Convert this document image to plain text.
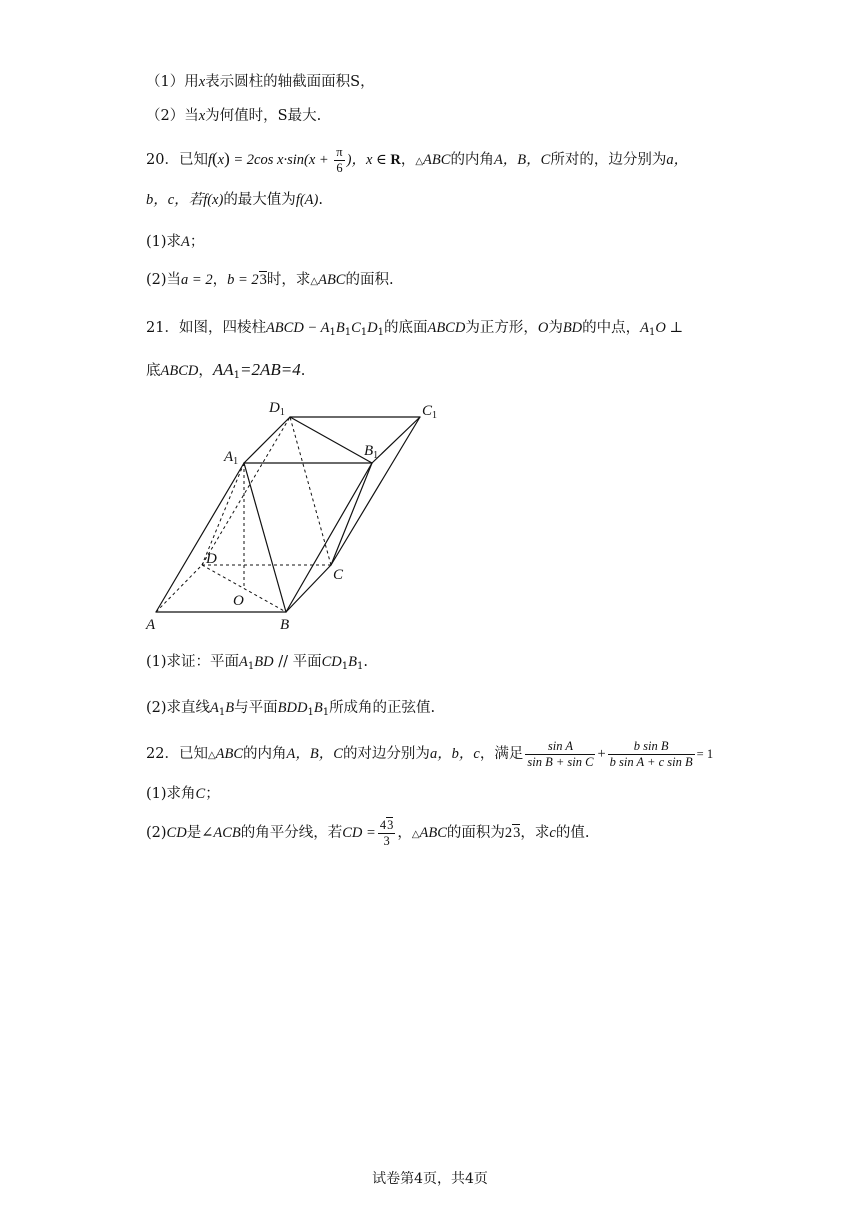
（1）用x表示圆柱的轴截面面积S，
（2）当x为何值时，S最大.
20．已知f(x) = 2cos $x\cdot\sin(x + \frac{\pi}{6}$ )，x ∈ R，△ABC的内角A，B，C所对的，边分别为a，
b，c，若f(x)的最大值为f(A).
(1)求A；
(2)当a = 2，b = 23时，求△ABC的面积.
21．如图，四棱柱ABCD − $A_1B_1C_1D_1$的底面ABCD为正方形，O为BD的中点，$A_1O$ ⊥
底ABCD，$AA_1=2AB=4$.
$D_1$	$C_1$
$A_1$
$B_1$
D
C
O
A	B
(1)求证：平面$A_1BD$ // 平面$CD_1B_1$.
(2)求直线$A_1B$与平面$BDD_1B_1$所成角的正弦值.
22．已知△ABC的内角A，B，C的对边分别为a，b，c，满足 $\frac{\text{sin A}}{\text{sin B + sin C}} + \frac{\text{b sin B}}{\text{b sin A + c sin B}} = 1$
(1)求角C；
(2)CD是∠ACB的角平分线，若CD = $\frac{43}{3}$ ，△ABC的面积为23，求c的值.
试卷第4页，共4页
